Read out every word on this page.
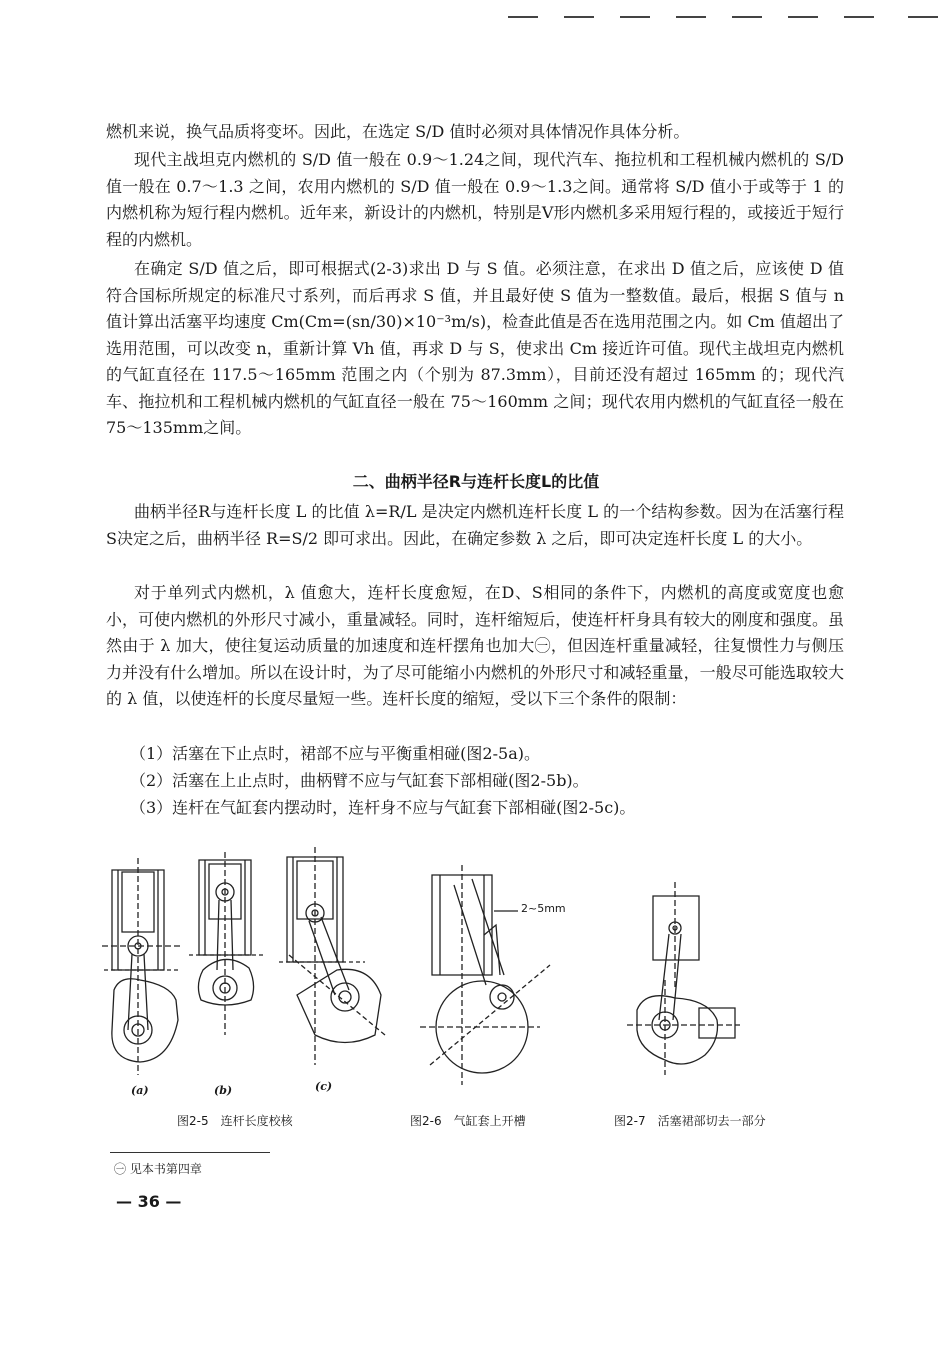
燃机来说，换气品质将变坏。因此，在选定 S/D 值时必须对具体情况作具体分析。

现代主战坦克内燃机的 S/D 值一般在 0.9～1.24之间，现代汽车、拖拉机和工程机械内燃机的 S/D 值一般在 0.7～1.3 之间，农用内燃机的 S/D 值一般在 0.9～1.3之间。通常将 S/D 值小于或等于 1 的内燃机称为短行程内燃机。近年来，新设计的内燃机，特别是V形内燃机多采用短行程的，或接近于短行程的内燃机。

在确定 S/D 值之后，即可根据式(2-3)求出 D 与 S 值。必须注意，在求出 D 值之后，应该使 D 值符合国标所规定的标准尺寸系列，而后再求 S 值，并且最好使 S 值为一整数值。最后，根据 S 值与 n 值计算出活塞平均速度 Cm(Cm=(sn/30)×10⁻³m/s)，检查此值是否在选用范围之内。如 Cm 值超出了选用范围，可以改变 n，重新计算 Vh 值，再求 D 与 S，使求出 Cm 接近许可值。现代主战坦克内燃机的气缸直径在 117.5～165mm 范围之内（个别为 87.3mm），目前还没有超过 165mm 的；现代汽车、拖拉机和工程机械内燃机的气缸直径一般在 75～160mm 之间；现代农用内燃机的气缸直径一般在 75～135mm之间。

二、曲柄半径R与连杆长度L的比值

曲柄半径R与连杆长度 L 的比值 λ=R/L 是决定内燃机连杆长度 L 的一个结构参数。因为在活塞行程S决定之后，曲柄半径 R=S/2 即可求出。因此，在确定参数 λ 之后，即可决定连杆长度 L 的大小。

对于单列式内燃机，λ 值愈大，连杆长度愈短，在D、S相同的条件下，内燃机的高度或宽度也愈小，可使内燃机的外形尺寸减小，重量减轻。同时，连杆缩短后，使连杆杆身具有较大的刚度和强度。虽然由于 λ 加大，使往复运动质量的加速度和连杆摆角也加大㊀，但因连杆重量减轻，往复惯性力与侧压力并没有什么增加。所以在设计时，为了尽可能缩小内燃机的外形尺寸和减轻重量，一般尽可能选取较大的 λ 值，以使连杆的长度尽量短一些。连杆长度的缩短，受以下三个条件的限制：

（1）活塞在下止点时，裙部不应与平衡重相碰(图2-5a)。

（2）活塞在上止点时，曲柄臂不应与气缸套下部相碰(图2-5b)。

（3）连杆在气缸套内摆动时，连杆身不应与气缸套下部相碰(图2-5c)。

(a)	(b)	(c)
2~5mm
图2-5　连杆长度校核	图2-6　气缸套上开槽	图2-7　活塞裙部切去一部分
㊀ 见本书第四章
— 36 —
